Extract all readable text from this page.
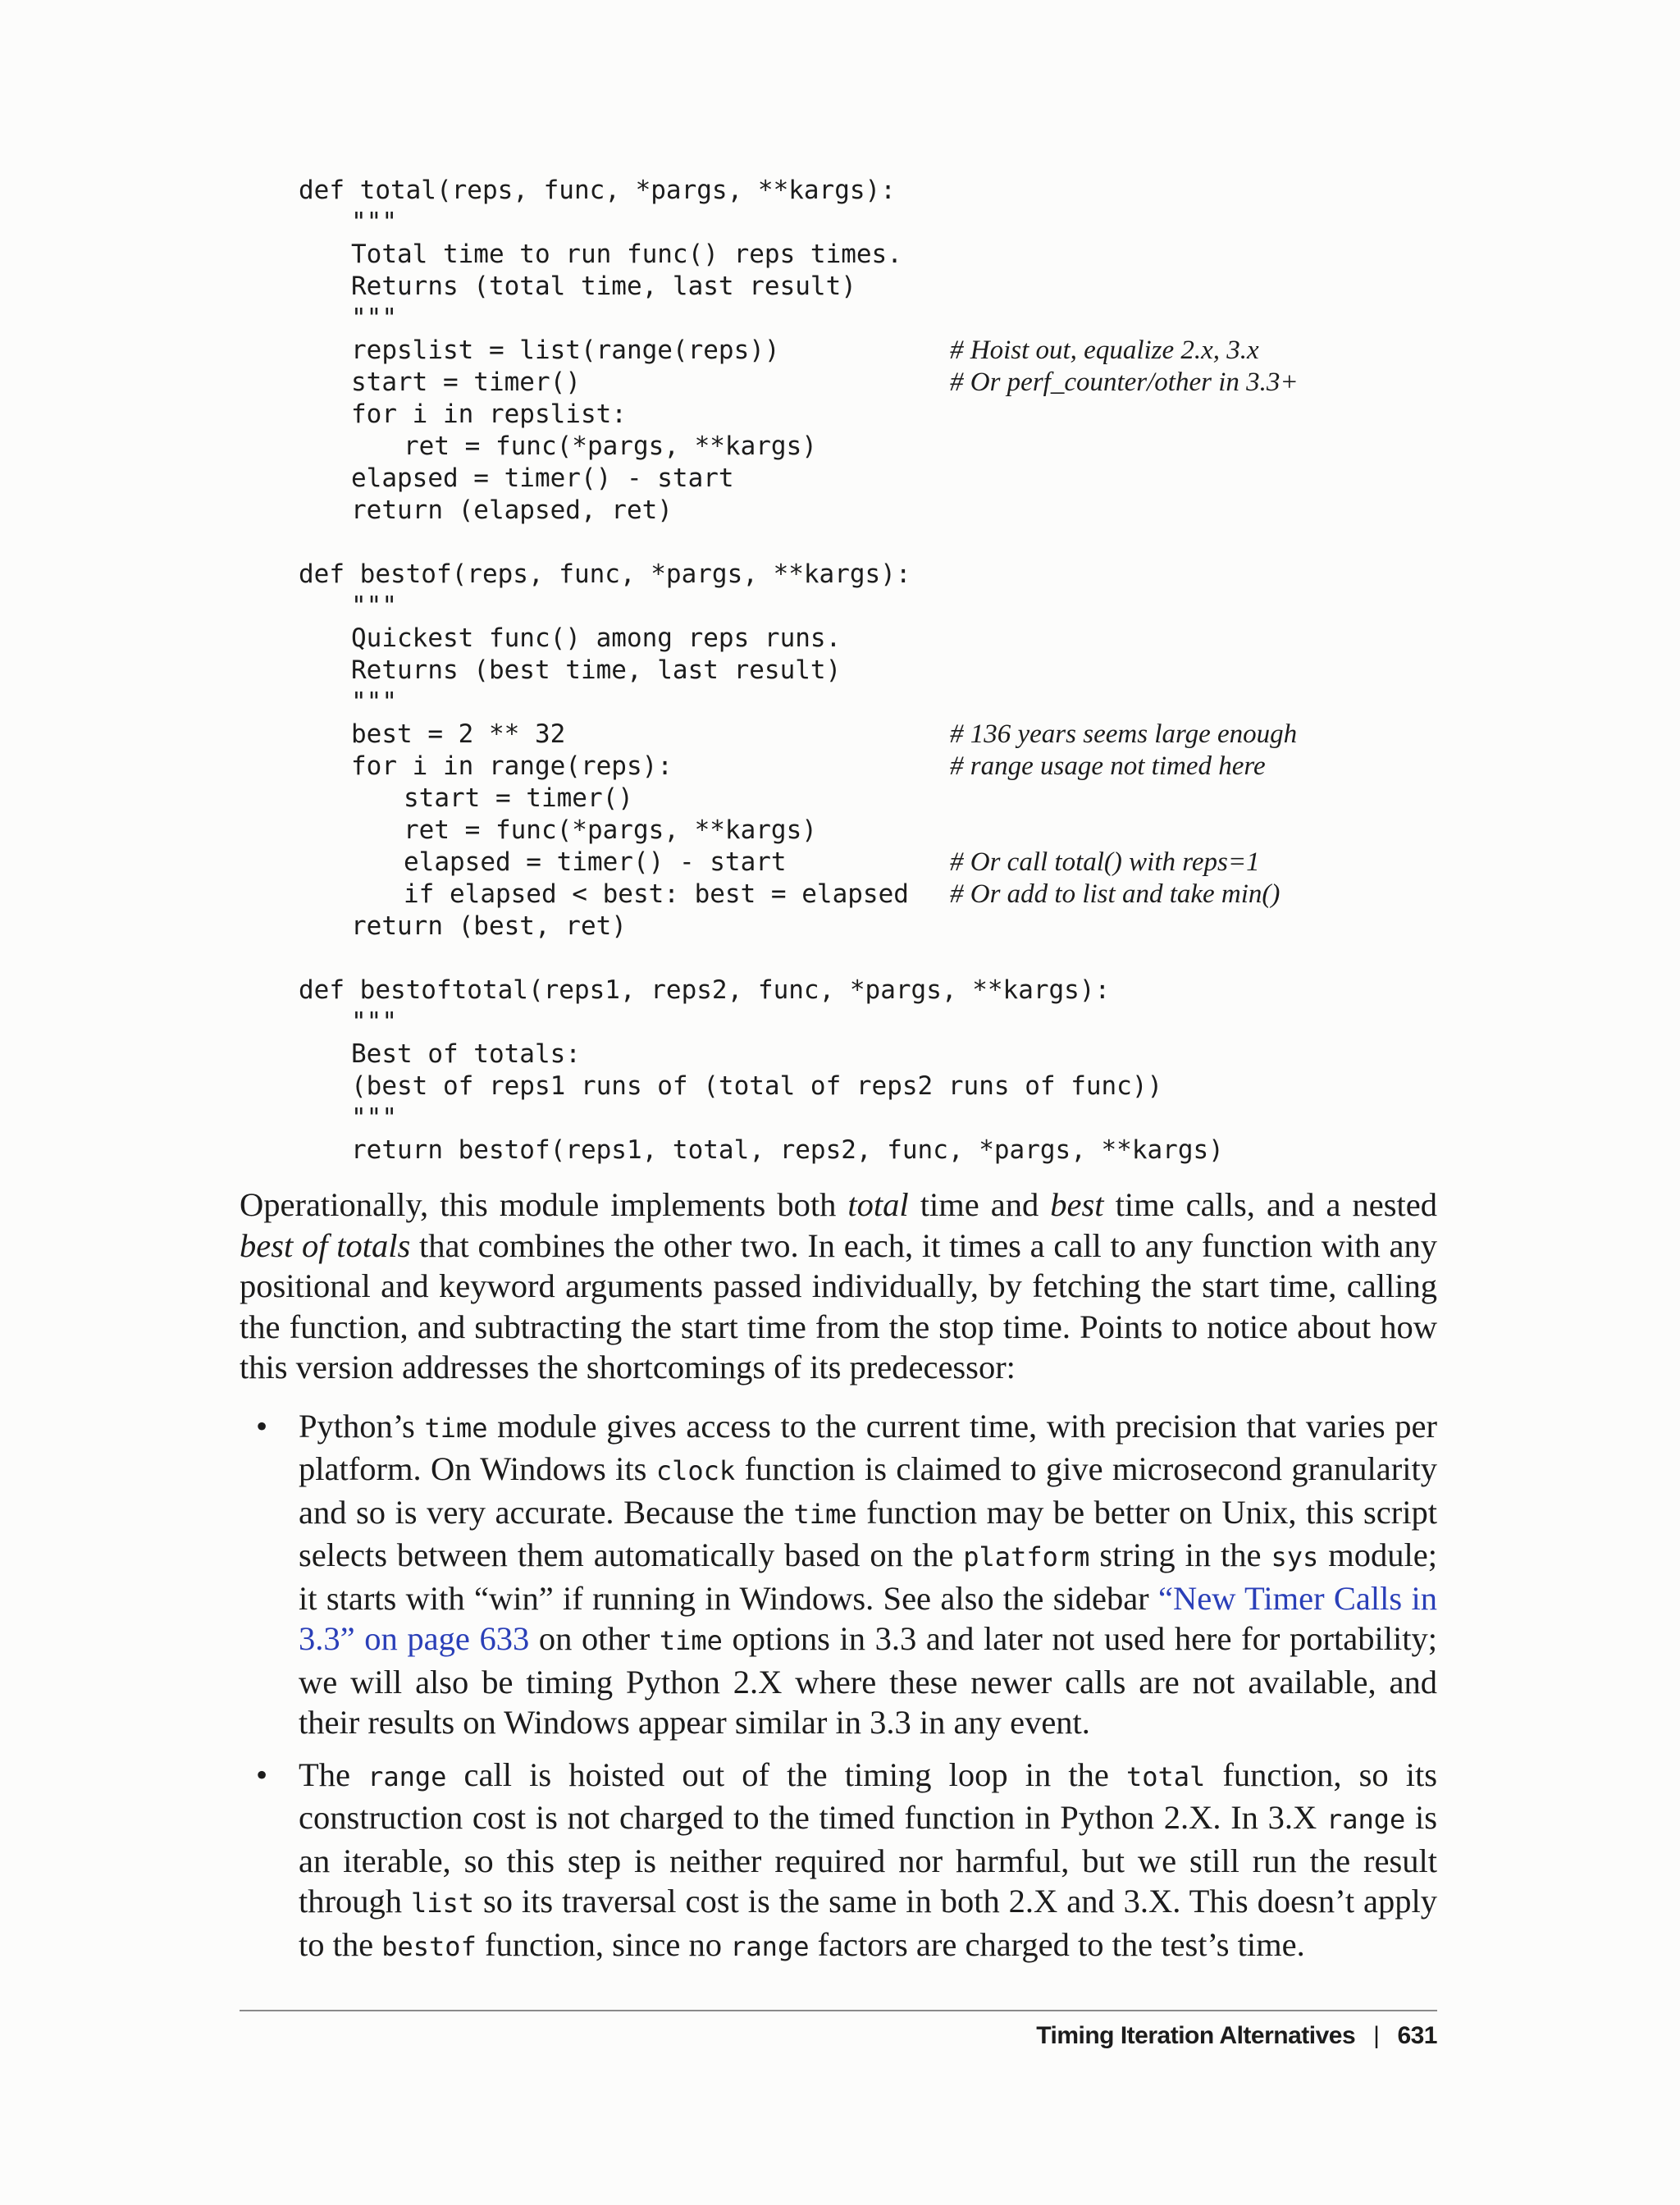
def total(reps, func, *pargs, **kargs):
"""
Total time to run func() reps times.
Returns (total time, last result)
"""
repslist = list(range(reps))	# Hoist out, equalize 2.x, 3.x
start = timer()	# Or perf_counter/other in 3.3+
for i in repslist:
ret = func(*pargs, **kargs)
elapsed = timer() - start
return (elapsed, ret)
def bestof(reps, func, *pargs, **kargs):
"""
Quickest func() among reps runs.
Returns (best time, last result)
"""
best = 2 ** 32	# 136 years seems large enough
for i in range(reps):	# range usage not timed here
start = timer()
ret = func(*pargs, **kargs)
elapsed = timer() - start	# Or call total() with reps=1
if elapsed < best: best = elapsed # Or add to list and take min()
return (best, ret)
def bestoftotal(reps1, reps2, func, *pargs, **kargs):
"""
Best of totals:
(best of reps1 runs of (total of reps2 runs of func))
"""
return bestof(reps1, total, reps2, func, *pargs, **kargs)

Operationally, this module implements both total time and best time calls, and a nested best of totals that combines the other two. In each, it times a call to any function with any positional and keyword arguments passed individually, by fetching the start time, calling the function, and subtracting the start time from the stop time. Points to notice about how this version addresses the shortcomings of its predecessor:

• Python’s time module gives access to the current time, with precision that varies per platform. On Windows its clock function is claimed to give microsecond granularity and so is very accurate. Because the time function may be better on Unix, this script selects between them automatically based on the platform string in the sys module; it starts with “win” if running in Windows. See also the sidebar “New Timer Calls in 3.3” on page 633 on other time options in 3.3 and later not used here for portability; we will also be timing Python 2.X where these newer calls are not available, and their results on Windows appear similar in 3.3 in any event.
• The range call is hoisted out of the timing loop in the total function, so its construction cost is not charged to the timed function in Python 2.X. In 3.X range is an iterable, so this step is neither required nor harmful, but we still run the result through list so its traversal cost is the same in both 2.X and 3.X. This doesn’t apply to the bestof function, since no range factors are charged to the test’s time.
Timing Iteration Alternatives | 631
